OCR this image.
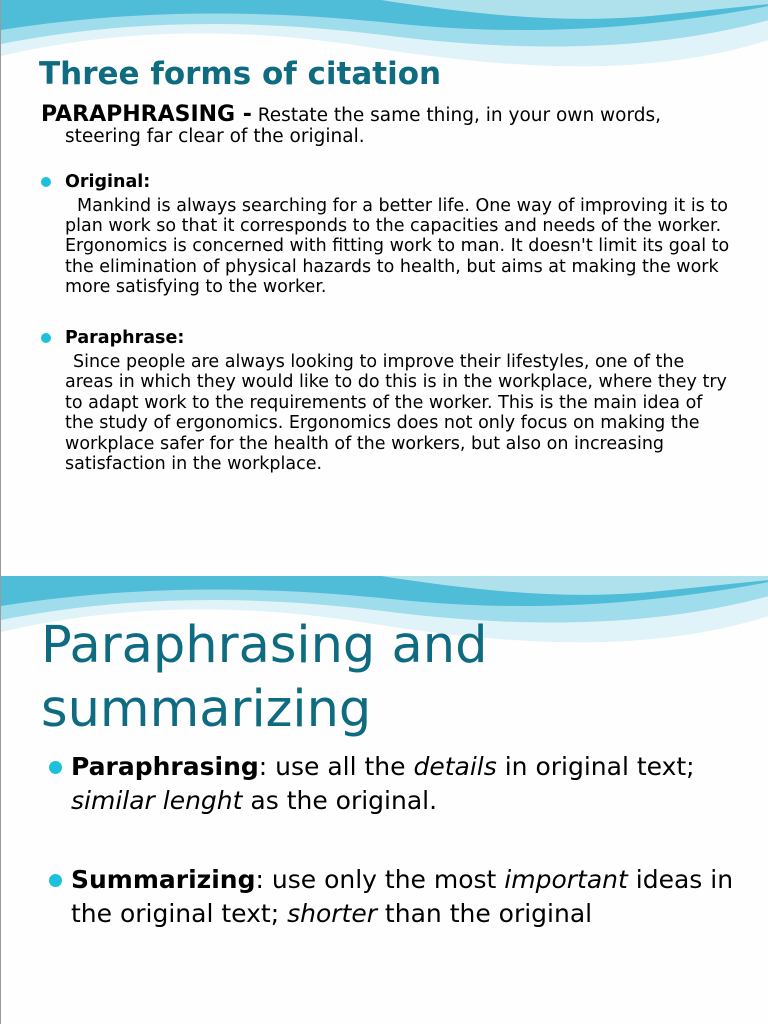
Three forms of citation

PARAPHRASING - Restate the same thing, in your own words, steering far clear of the original.

Original:

Mankind is always searching for a better life. One way of improving it is to plan work so that it corresponds to the capacities and needs of the worker. Ergonomics is concerned with fitting work to man. It doesn't limit its goal to the elimination of physical hazards to health, but aims at making the work more satisfying to the worker.

Paraphrase:

Since people are always looking to improve their lifestyles, one of the areas in which they would like to do this is in the workplace, where they try to adapt work to the requirements of the worker. This is the main idea of the study of ergonomics. Ergonomics does not only focus on making the workplace safer for the health of the workers, but also on increasing satisfaction in the workplace.

Paraphrasing and
summarizing

Paraphrasing: use all the details in original text; similar lenght as the original.

Summarizing: use only the most important ideas in the original text; shorter than the original
